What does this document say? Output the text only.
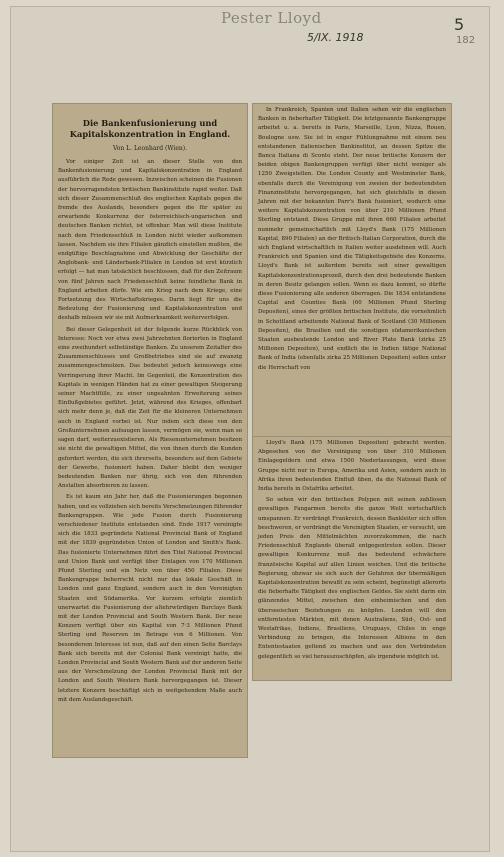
Pester Lloyd
5/IX. 1918
5
182
Die Bankenfusionierung und Kapitalskonzentration in England.
Von L. Leonhard (Wien).

Vor einiger Zeit ist an dieser Stelle von den Bankenfusionierung und Kapitalskonzentration in England ausführlich die Rede gewesen. Inzwischen scheinen die Fusionen der hervorragendsten britischen Bankinstitute rapid weiter. Daß sich dieser Zusammenschluß des englischen Kapitals gegen die fremde des Auslands, besonders gegen die für später zu erwartende Konkurrenz der österreichisch-ungarischen und deutschen Banken richtet, ist offenbar. Man will diese Institute nach dem Friedensschluß in London nicht wieder aufkommen lassen. Nachdem sie ihre Filialen gänzlich einstellen mußten, die endgültige Beschlagnahme und Abwicklung der Geschäfte der Anglobank- und Länderbank-Filialen in London ist erst kürzlich erfolgt — hat man tatsächlich beschlossen, daß für den Zeitraum von fünf Jahren nach Friedensschluß keine feindliche Bank in England arbeiten dürfe. Wie ein Krieg nach dem Kriege, eine Fortsetzung des Wirtschaftskrieges. Darin liegt für uns die Bedeutung der Fusionierung und Kapitalskonzentration und deshalb müssen wir sie mit Aufmerksamkeit weiterverfolgen.

Bei dieser Gelegenheit ist der folgende kurze Rückblick von Interesse: Noch vor etwa zwei Jahrzehnten florierten in England eine zweihundert selbständige Banken. Zu unserem Zeitalter des Zusammenschlusses und Großbetriebes sind sie auf zwanzig zusammengeschmolzen. Das bedeutet jedoch keineswegs eine Verringerung ihrer Macht. Im Gegenteil, die Konzentration des Kapitals in wenigen Händen hat zu einer gewaltigen Steigerung seiner Machtfülle, zu einer ungeahnten Erweiterung seines Einflußgebietes geführt. Jetzt, während des Krieges, offenbart sich mehr denn je, daß die Zeit für die kleineren Unternehmen auch in England vorbei ist. Nur indem sich diese von den Großunternehmen aufsaugen lassen, vermögen sie, wenn man so sagen darf, weiterzuexistieren. Als Riesenunternehmen besitzen sie nicht die gewaltigen Mittel, die von ihnen durch die Kunden gefordert werden, die sich ihrerseits, besonders auf dem Gebiete der Gewerbe, fusioniert haben. Daher bleibt den weniger bedeutenden Banken nur übrig, sich von den führenden Anstalten absorbieren zu lassen.

Es ist kaum ein Jahr her, daß die Fusionierungen begonnen haben, und es vollziehen sich bereits Verschmelzungen führender Bankengruppen. Wie jede Fusion durch Fusionierung verschiedener Institute entstanden sind. Ende 1917 vereinigte sich die 1833 gegründete National Provincial Bank of England mit der 1839 gegründeten Union of London and Smith's Bank. Das fusionierte Unternehmen führt den Titel National Provincial and Union Bank und verfügt über Einlagen von 170 Millionen Pfund Sterling und ein Netz von über 450 Filialen. Diese Bankengruppe beherrscht nicht nur das lokale Geschäft in London und ganz England, sondern auch in den Vereinigten Staaten und Südamerika. Vor kurzem erfolgte ziemlich unerwartet die Fusionierung der altehrwürdigen Barclays Bank mit der London Provincial and South Western Bank. Der neue Konzern verfügt über ein Kapital von 7·3 Millionen Pfund Sterling und Reserven im Betrage von 6 Millionen. Von besonderem Interesse ist nun, daß auf den einen Seite Barclays Bank sich bereits mit der Colonial Bank vereinigt hatte, die London Provincial and South Western Bank auf der anderen Seite aus der Verschmelzung der London Provincial Bank mit der London and South Western Bank hervorgegangen ist. Dieser letztere Konzern beschäftigt sich in weitgehendem Maße auch mit dem Auslandsgeschäft.

In Frankreich, Spanien und Italien sehen wir die englischen Banken in fieberhafter Tätigkeit. Die letztgenannte Bankengruppe arbeitet u. a. bereits in Paris, Marseille, Lyon, Nizza, Rouen, Boulogne usw. Sie ist in enger Fühlungnahme mit einem neu entstandenen italienischen Bankinstitut, an dessen Spitze die Banca Italiana di Sconto steht. Der neue britische Konzern der beiden obigen Bankengruppen verfügt über nicht weniger als 1250 Zweigstellen. Die London County and Westminster Bank, ebenfalls durch die Vereinigung von zweien der bedeutendsten Finanzinstitute hervorgegangen, hat sich gleichfalls in diesen Jahren mit der bekannten Parr's Bank fusioniert, wodurch eine weitere Kapitalskonzentration von über 210 Millionen Pfund Sterling entstand. Diese Gruppe mit ihren 660 Filialen arbeitet nunmehr gemeinschaftlich mit Lloyd's Bank (175 Millionen Kapital, 890 Filialen) an der Britisch-Italian Corporation, durch die sich England wirtschaftlich in Italien weiter ausdehnen will. Auch Frankreich und Spanien sind die Tätigkeitsgebiete des Konzerns. Lloyd's Bank ist außerdem bereits seit einer gewaltigen Kapitalskonzentrationsprozeß, durch den drei bedeutende Banken in deren Besitz gelangen sollen. Wenn es dazu kommt, so dürfte diese Fusionierung alle anderen überragen. Die 1834 entstandene Capital and Counties Bank (60 Millionen Pfund Sterling Depositen), eines der größten britischen Institute, die vornehmlich in Schottland arbeitende National Bank of Scotland (30 Millionen Depositen), die Brasilien und die sonstigen südamerikanischen Staaten ausbeutende London and River Plate Bank (zirka 25 Millionen Depositen), und endlich die in Indien tätige National Bank of India (ebenfalls zirka 25 Millionen Depositen) sollen unter die Herrschaft von

Lloyd's Bank (175 Millionen Depositen) gebracht werden. Abgesehen von der Vereinigung von über 310 Millionen Einlagegeldern und etwa 1500 Niederlassungen, wird diese Gruppe nicht nur in Europa, Amerika und Asien, sondern auch in Afrika ihren bedeutenden Einfluß üben, da die National Bank of India bereits in Ostafrika arbeitet.

So sehen wir den britischen Polypen mit seinen zahllosen gewaltigen Fangarmen bereits die ganze Welt wirtschaftlich umspannen. Er verdrängt Frankreich, dessen Bankleiter sich offen beschweren, er verdrängt die Vereinigten Staaten, er versucht, um jeden Preis den Mittelmächten zuvorzukommen, die nach Friedensschluß Englands überall entgegentreten sollen. Dieser gewaltigen Konkurrenz muß das bedeutend schwächere französische Kapital auf allen Linien weichen. Und die britische Regierung, obzwar sie sich auch der Gefahren der übermäßigen Kapitalskonzentration bewußt zu sein scheint, begünstigt allerorts die fieberhafte Tätigkeit des englischen Geldes. Sie sieht darin ein glänzendes Mittel, zwischen den einheimischen und den überseeischen Beziehungen zu knüpfen. London will den entferntesten Märkten, mit denen Australiens, Süd-, Ost- und Westafrikas, Indiens, Brasiliens, Uruguays, Chiles in enge Verbindung zu bringen, die Interessen Albions in den Ententestaaten geltend zu machen und aus den Verbündeten gelegentlich so viel herauszuschöpfen, als irgendwie möglich ist.
